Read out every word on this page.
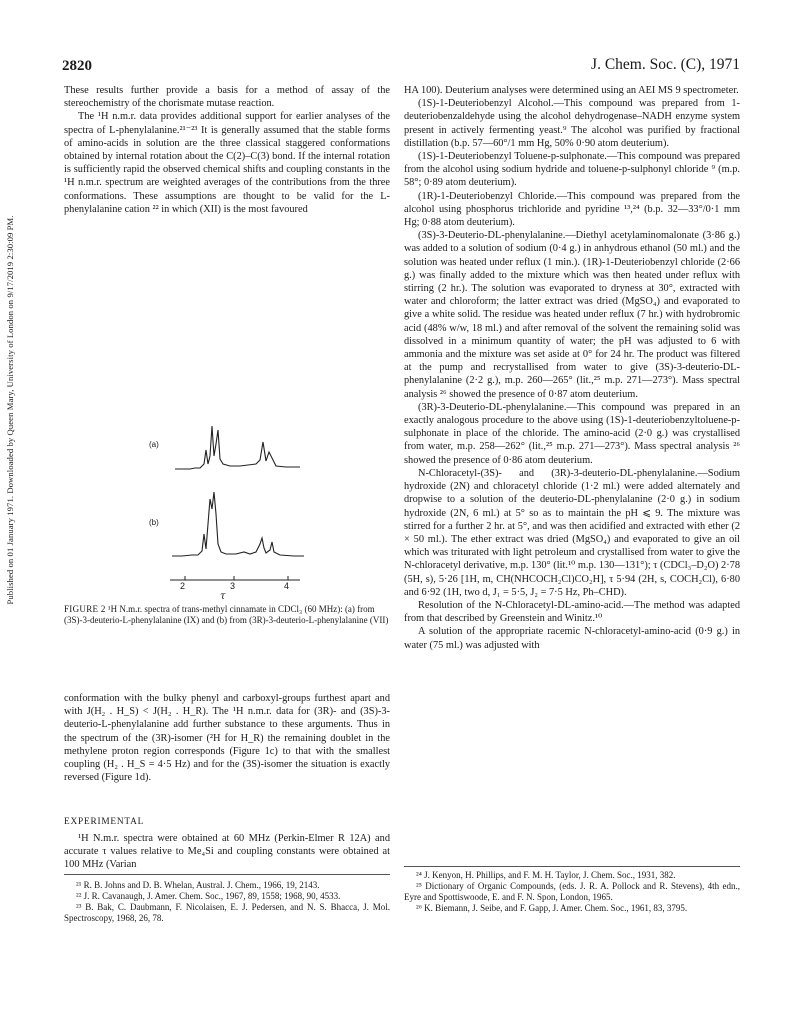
Published on 01 January 1971. Downloaded by Queen Mary, University of London on 9/17/2019 2:30:09 PM.
2820	J. Chem. Soc. (C), 1971

These results further provide a basis for a method of assay of the stereochemistry of the chorismate mutase reaction.

The ¹H n.m.r. data provides additional support for earlier analyses of the spectra of L-phenylalanine.²¹⁻²³ It is generally assumed that the stable forms of amino-acids in solution are the three classical staggered conformations obtained by internal rotation about the C(2)–C(3) bond. If the internal rotation is sufficiently rapid the observed chemical shifts and coupling constants in the ¹H n.m.r. spectrum are weighted averages of the contributions from the three conformations. These assumptions are thought to be valid for the L-phenylalanine cation ²² in which (XII) is the most favoured

(a)
(b)
2	3	4
τ
FIGURE 2 ¹H N.m.r. spectra of trans-methyl cinnamate in CDCl₃ (60 MHz): (a) from (3S)-3-deuterio-L-phenylalanine (IX) and (b) from (3R)-3-deuterio-L-phenylalanine (VII)

conformation with the bulky phenyl and carboxyl-groups furthest apart and with J(H₂ . H_S) < J(H₂ . H_R). The ¹H n.m.r. data for (3R)- and (3S)-3-deuterio-L-phenylalanine add further substance to these arguments. Thus in the spectrum of the (3R)-isomer (²H for H_R) the remaining doublet in the methylene proton region corresponds (Figure 1c) to that with the smallest coupling (H₂ . H_S = 4·5 Hz) and for the (3S)-isomer the situation is exactly reversed (Figure 1d).

EXPERIMENTAL
¹H N.m.r. spectra were obtained at 60 MHz (Perkin-Elmer R 12A) and accurate τ values relative to Me₄Si and coupling constants were obtained at 100 MHz (Varian

²¹ R. B. Johns and D. B. Whelan, Austral. J. Chem., 1966, 19, 2143.

²² J. R. Cavanaugh, J. Amer. Chem. Soc., 1967, 89, 1558; 1968, 90, 4533.

²³ B. Bak, C. Daubmann, F. Nicolaisen, E. J. Pedersen, and N. S. Bhacca, J. Mol. Spectroscopy, 1968, 26, 78.

HA 100). Deuterium analyses were determined using an AEI MS 9 spectrometer.

(1S)-1-Deuteriobenzyl Alcohol.—This compound was prepared from 1-deuteriobenzaldehyde using the alcohol dehydrogenase–NADH enzyme system present in actively fermenting yeast.⁹ The alcohol was purified by fractional distillation (b.p. 57—60°/1 mm Hg, 50% 0·90 atom deuterium).

(1S)-1-Deuteriobenzyl Toluene-p-sulphonate.—This compound was prepared from the alcohol using sodium hydride and toluene-p-sulphonyl chloride ⁹ (m.p. 58°; 0·89 atom deuterium).

(1R)-1-Deuteriobenzyl Chloride.—This compound was prepared from the alcohol using phosphorus trichloride and pyridine ¹³,²⁴ (b.p. 32—33°/0·1 mm Hg; 0·88 atom deuterium).

(3S)-3-Deuterio-DL-phenylalanine.—Diethyl acetylaminomalonate (3·86 g.) was added to a solution of sodium (0·4 g.) in anhydrous ethanol (50 ml.) and the solution was heated under reflux (1 min.). (1R)-1-Deuteriobenzyl chloride (2·66 g.) was finally added to the mixture which was then heated under reflux with stirring (2 hr.). The solution was evaporated to dryness at 30°, extracted with water and chloroform; the latter extract was dried (MgSO₄) and evaporated to give a white solid. The residue was heated under reflux (7 hr.) with hydrobromic acid (48% w/w, 18 ml.) and after removal of the solvent the remaining solid was dissolved in a minimum quantity of water; the pH was adjusted to 6 with ammonia and the mixture was set aside at 0° for 24 hr. The product was filtered at the pump and recrystallised from water to give (3S)-3-deuterio-DL-phenylalanine (2·2 g.), m.p. 260—265° (lit.,²⁵ m.p. 271—273°). Mass spectral analysis ²⁶ showed the presence of 0·87 atom deuterium.

(3R)-3-Deuterio-DL-phenylalanine.—This compound was prepared in an exactly analogous procedure to the above using (1S)-1-deuteriobenzyltoluene-p-sulphonate in place of the chloride. The amino-acid (2·0 g.) was crystallised from water, m.p. 258—262° (lit.,²⁵ m.p. 271—273°). Mass spectral analysis ²⁶ showed the presence of 0·86 atom deuterium.

N-Chloracetyl-(3S)- and (3R)-3-deuterio-DL-phenylalanine.—Sodium hydroxide (2N) and chloracetyl chloride (1·2 ml.) were added alternately and dropwise to a solution of the deuterio-DL-phenylalanine (2·0 g.) in sodium hydroxide (2N, 6 ml.) at 5° so as to maintain the pH ⩽ 9. The mixture was stirred for a further 2 hr. at 5°, and was then acidified and extracted with ether (2 × 50 ml.). The ether extract was dried (MgSO₄) and evaporated to give an oil which was triturated with light petroleum and crystallised from water to give the N-chloracetyl derivative, m.p. 130° (lit.¹⁰ m.p. 130—131°); τ (CDCl₃–D₂O) 2·78 (5H, s), 5·26 [1H, m, CH(NHCOCH₂Cl)CO₂H], τ 5·94 (2H, s, COCH₂Cl), 6·80 and 6·92 (1H, two d, J₁ = 5·5, J₂ = 7·5 Hz, Ph–CHD).

Resolution of the N-Chloracetyl-DL-amino-acid.—The method was adapted from that described by Greenstein and Winitz.¹⁰

A solution of the appropriate racemic N-chloracetyl-amino-acid (0·9 g.) in water (75 ml.) was adjusted with

²⁴ J. Kenyon, H. Phillips, and F. M. H. Taylor, J. Chem. Soc., 1931, 382.

²⁵ Dictionary of Organic Compounds, (eds. J. R. A. Pollock and R. Stevens), 4th edn., Eyre and Spottiswoode, E. and F. N. Spon, London, 1965.

²⁶ K. Biemann, J. Seibe, and F. Gapp, J. Amer. Chem. Soc., 1961, 83, 3795.
